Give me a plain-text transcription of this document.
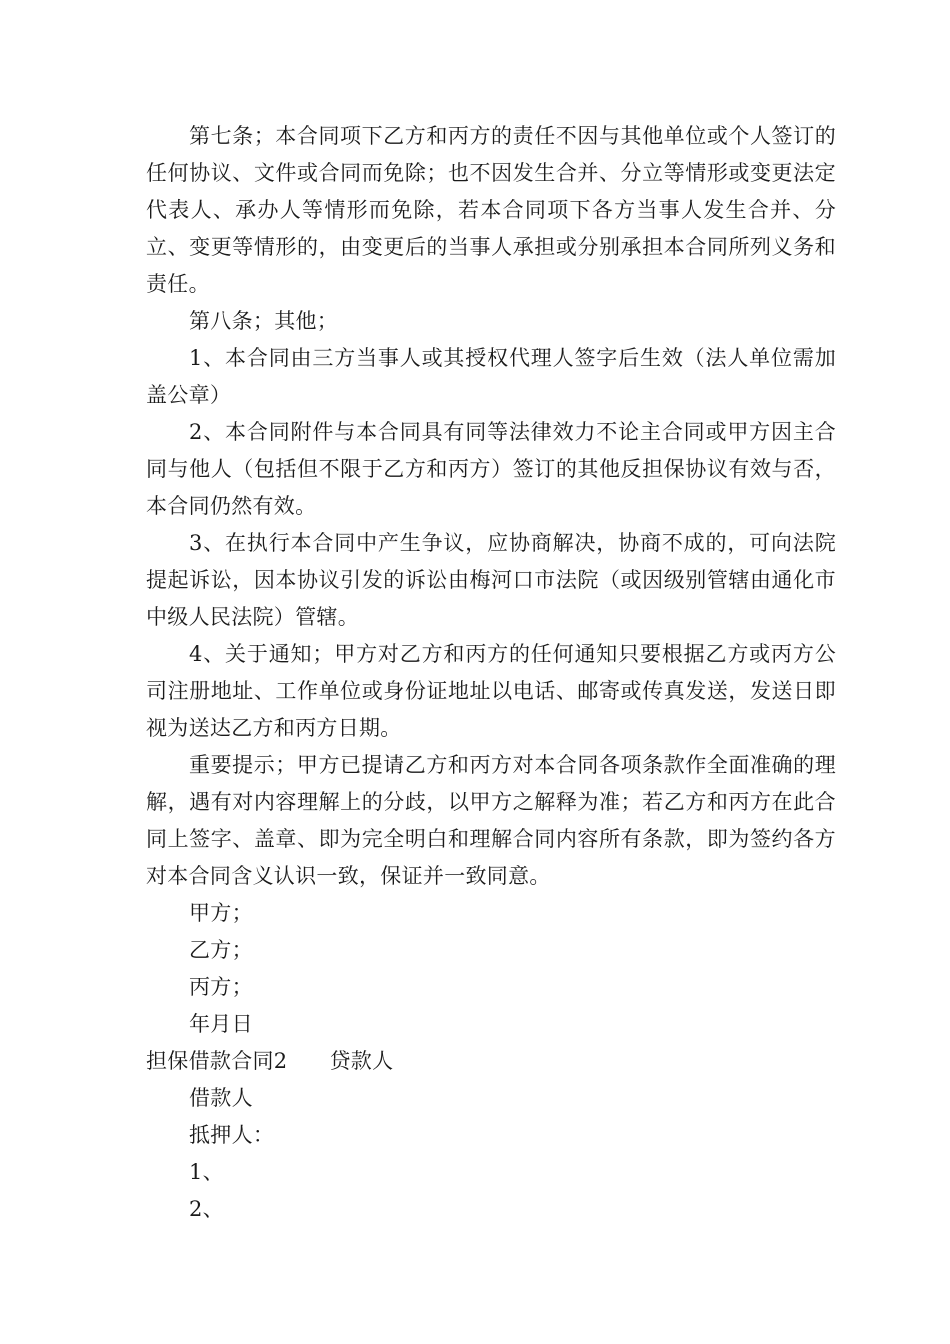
第七条；本合同项下乙方和丙方的责任不因与其他单位或个人签订的任何协议、文件或合同而免除；也不因发生合并、分立等情形或变更法定代表人、承办人等情形而免除，若本合同项下各方当事人发生合并、分立、变更等情形的，由变更后的当事人承担或分别承担本合同所列义务和责任。

第八条；其他；

1、本合同由三方当事人或其授权代理人签字后生效（法人单位需加盖公章）

2、本合同附件与本合同具有同等法律效力不论主合同或甲方因主合同与他人（包括但不限于乙方和丙方）签订的其他反担保协议有效与否，本合同仍然有效。

3、在执行本合同中产生争议，应协商解决，协商不成的，可向法院提起诉讼，因本协议引发的诉讼由梅河口市法院（或因级别管辖由通化市中级人民法院）管辖。

4、关于通知；甲方对乙方和丙方的任何通知只要根据乙方或丙方公司注册地址、工作单位或身份证地址以电话、邮寄或传真发送，发送日即视为送达乙方和丙方日期。

重要提示；甲方已提请乙方和丙方对本合同各项条款作全面准确的理解，遇有对内容理解上的分歧，以甲方之解释为准；若乙方和丙方在此合同上签字、盖章、即为完全明白和理解合同内容所有条款，即为签约各方对本合同含义认识一致，保证并一致同意。

甲方；

乙方；

丙方；

年月日

担保借款合同2 贷款人

借款人

抵押人：

1、

2、
